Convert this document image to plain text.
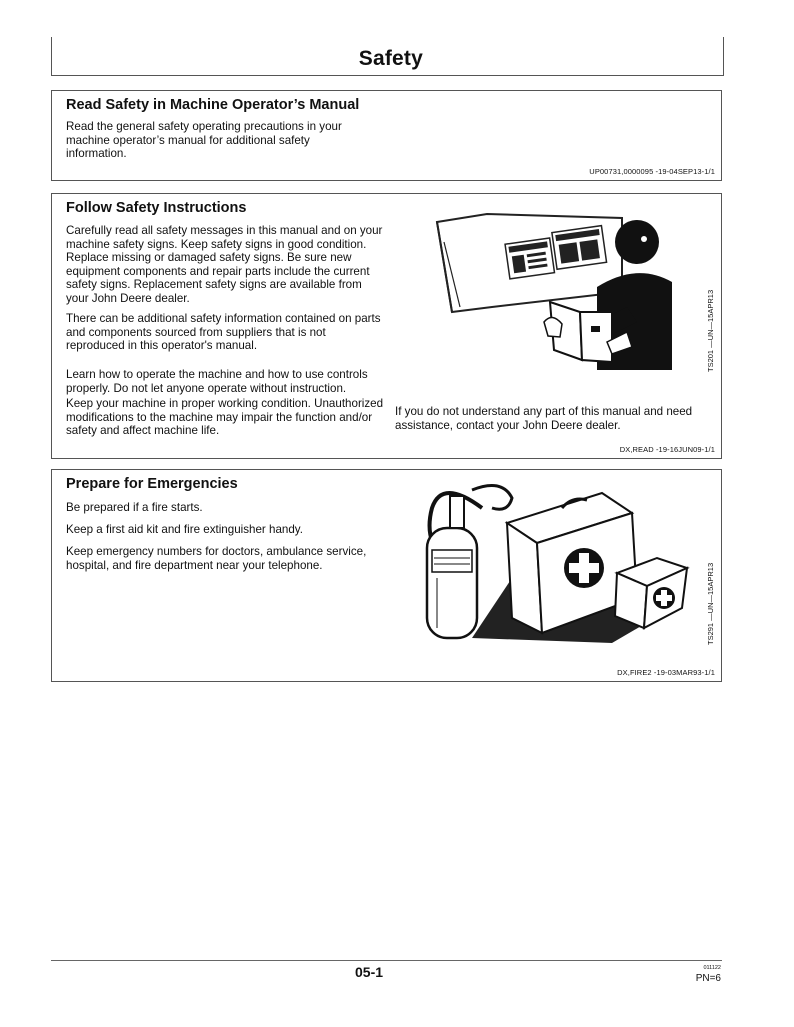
Safety
Read Safety in Machine Operator’s Manual

Read the general safety operating precautions in your machine operator’s manual for additional safety information.

UP00731,0000095 -19-04SEP13-1/1
Follow Safety Instructions

Carefully read all safety messages in this manual and on your machine safety signs. Keep safety signs in good condition. Replace missing or damaged safety signs. Be sure new equipment components and repair parts include the current safety signs. Replacement safety signs are available from your John Deere dealer.

There can be additional safety information contained on parts and components sourced from suppliers that is not reproduced in this operator's manual.

Learn how to operate the machine and how to use controls properly. Do not let anyone operate without instruction.

Keep your machine in proper working condition. Unauthorized modifications to the machine may impair the function and/or safety and affect machine life.

TS201 —UN—15APR13

If you do not understand any part of this manual and need assistance, contact your John Deere dealer.

DX,READ -19-16JUN09-1/1
Prepare for Emergencies

Be prepared if a fire starts.

Keep a first aid kit and fire extinguisher handy.

Keep emergency numbers for doctors, ambulance service, hospital, and fire department near your telephone.	TS291 —UN—15APR13
DX,FIRE2 -19-03MAR93-1/1
05-1	011122
PN=6
